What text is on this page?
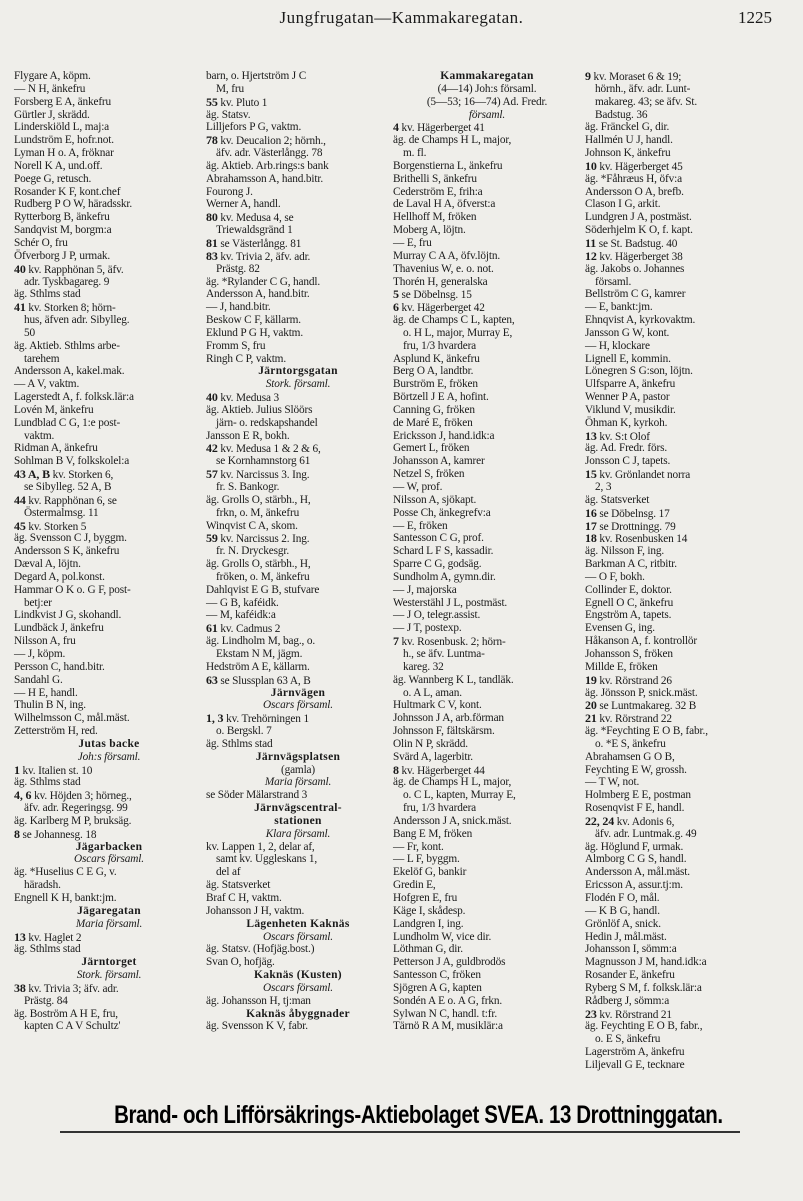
Jungfrugatan—Kammakaregatan.	1225
Flygare A, köpm.
— N H, änkefru
Forsberg E A, änkefru
Gürtler J, skrädd.
Linderskiöld L, maj:a
Lundström E, hofr.not.
Lyman H o. A, fröknar
Norell K A, und.off.
Poege G, retusch.
Rosander K F, kont.chef
Rudberg P O W, häradsskr.
Rytterborg B, änkefru
Sandqvist M, borgm:a
Schér O, fru
Öfverborg J P, urmak.
40 kv. Rapphönan 5, äfv.
adr. Tyskbagareg. 9
äg. Sthlms stad
41 kv. Storken 8; hörn-
hus, äfven adr. Sibylleg.
50
äg. Aktieb. Sthlms arbe-
tarehem
Andersson A, kakel.mak.
— A V, vaktm.
Lagerstedt A, f. folksk.lär:a
Lovén M, änkefru
Lundblad C G, 1:e post-
vaktm.
Ridman A, änkefru
Sohlman B V, folkskolel:a
43 A, B kv. Storken 6,
se Sibylleg. 52 A, B
44 kv. Rapphönan 6, se
Östermalmsg. 11
45 kv. Storken 5
äg. Svensson C J, byggm.
Andersson S K, änkefru
Dæval A, löjtn.
Degard A, pol.konst.
Hammar O K o. G F, post-
betj:er
Lindkvist J G, skohandl.
Lundbäck J, änkefru
Nilsson A, fru
— J, köpm.
Persson C, hand.bitr.
Sandahl G.
— H E, handl.
Thulin B N, ing.
Wilhelmsson C, mål.mäst.
Zetterström H, red.
Jutas backe
Joh:s församl.
1 kv. Italien st. 10
äg. Sthlms stad
4, 6 kv. Höjden 3; hörneg.,
äfv. adr. Regeringsg. 99
äg. Karlberg M P, bruksäg.
8 se Johannesg. 18
Jägarbacken
Oscars församl.
äg. *Huselius C E G, v.
häradsh.
Engnell K H, bankt:jm.
Jägaregatan
Maria församl.
13 kv. Haglet 2
äg. Sthlms stad
Järntorget
Stork. församl.
38 kv. Trivia 3; äfv. adr.
Prästg. 84
äg. Boström A H E, fru,
kapten C A V Schultz'
barn, o. Hjertström J C
M, fru
55 kv. Pluto 1
äg. Statsv.
Lilljefors P G, vaktm.
78 kv. Deucalion 2; hörnh.,
äfv. adr. Västerlångg. 78
äg. Aktieb. Arb.rings:s bank
Abrahamsson A, hand.bitr.
Fourong J.
Werner A, handl.
80 kv. Medusa 4, se
Triewaldsgränd 1
81 se Västerlångg. 81
83 kv. Trivia 2, äfv. adr.
Prästg. 82
äg. *Rylander C G, handl.
Andersson A, hand.bitr.
— J, hand.bitr.
Beskow C F, källarm.
Eklund P G H, vaktm.
Fromm S, fru
Ringh C P, vaktm.
Järntorgsgatan
Stork. församl.
40 kv. Medusa 3
äg. Aktieb. Julius Slöörs
järn- o. redskapshandel
Jansson E R, bokh.
42 kv. Medusa 1 & 2 & 6,
se Kornhamnstorg 61
57 kv. Narcissus 3. Ing.
fr. S. Bankogr.
äg. Grolls O, stärbh., H,
frkn, o. M, änkefru
Winqvist C A, skom.
59 kv. Narcissus 2. Ing.
fr. N. Dryckesgr.
äg. Grolls O, stärbh., H,
fröken, o. M, änkefru
Dahlqvist E G B, stufvare
— G B, kaféidk.
— M, kaféidk:a
61 kv. Cadmus 2
äg. Lindholm M, bag., o.
Ekstam N M, jägm.
Hedström A E, källarm.
63 se Slussplan 63 A, B
Järnvägen
Oscars församl.
1, 3 kv. Trehörningen 1
o. Bergskl. 7
äg. Sthlms stad
Järnvägsplatsen
(gamla)
Maria församl.
se Söder Mälarstrand 3
Järnvägscentral-
stationen
Klara församl.
kv. Lappen 1, 2, delar af,
samt kv. Uggleskans 1,
del af
äg. Statsverket
Braf C H, vaktm.
Johansson J H, vaktm.
Lägenheten Kaknäs
Oscars församl.
äg. Statsv. (Hofjäg.bost.)
Svan O, hofjäg.
Kaknäs (Kusten)
Oscars församl.
äg. Johansson H, tj:man
Kaknäs åbyggnader
äg. Svensson K V, fabr.
Kammakaregatan
(4—14) Joh:s församl.
(5—53; 16—74) Ad. Fredr.
församl.
4 kv. Hägerberget 41
äg. de Champs H L, major,
m. fl.
Borgenstierna L, änkefru
Brithelli S, änkefru
Cederström E, frih:a
de Laval H A, öfverst:a
Hellhoff M, fröken
Moberg A, löjtn.
— E, fru
Murray C A A, öfv.löjtn.
Thavenius W, e. o. not.
Thorén H, generalska
5 se Döbelnsg. 15
6 kv. Hägerberget 42
äg. de Champs C L, kapten,
o. H L, major, Murray E,
fru, 1/3 hvardera
Asplund K, änkefru
Berg O A, landtbr.
Burström E, fröken
Börtzell J E A, hofint.
Canning G, fröken
de Maré E, fröken
Ericksson J, hand.idk:a
Gemert L, fröken
Johansson A, kamrer
Netzel S, fröken
— W, prof.
Nilsson A, sjökapt.
Posse Ch, änkegrefv:a
— E, fröken
Santesson C G, prof.
Schard L F S, kassadir.
Sparre C G, godsäg.
Sundholm A, gymn.dir.
— J, majorska
Westerstähl J L, postmäst.
— J O, telegr.assist.
— J T, postexp.
7 kv. Rosenbusk. 2; hörn-
h., se äfv. Luntma-
kareg. 32
äg. Wannberg K L, tandläk.
o. A L, aman.
Hultmark C V, kont.
Johnsson J A, arb.förman
Johnsson F, fältskärsm.
Olin N P, skrädd.
Svärd A, lagerbitr.
8 kv. Hägerberget 44
äg. de Champs H L, major,
o. C L, kapten, Murray E,
fru, 1/3 hvardera
Andersson J A, snick.mäst.
Bang E M, fröken
— Fr, kont.
— L F, byggm.
Ekelöf G, bankir
Gredin E,
Hofgren E, fru
Käge I, skådesp.
Landgren I, ing.
Lundholm W, vice dir.
Löthman G, dir.
Petterson J A, guldbrodös
Santesson C, fröken
Sjögren A G, kapten
Sondén A E o. A G, frkn.
Sylwan N C, handl. t:fr.
Tärnö R A M, musiklär:a
9 kv. Moraset 6 & 19;
hörnh., äfv. adr. Lunt-
makareg. 43; se äfv. St.
Badstug. 36
äg. Fränckel G, dir.
Hallmén U J, handl.
Johnson K, änkefru
10 kv. Hägerberget 45
äg. *Fåhræus H, öfv:a
Andersson O A, brefb.
Clason I G, arkit.
Lundgren J A, postmäst.
Söderhjelm K O, f. kapt.
11 se St. Badstug. 40
12 kv. Hägerberget 38
äg. Jakobs o. Johannes
församl.
Bellström C G, kamrer
— E, bankt:jm.
Ehnqvist A, kyrkovaktm.
Jansson G W, kont.
— H, klockare
Lignell E, kommin.
Lönegren S G:son, löjtn.
Ulfsparre A, änkefru
Wenner P A, pastor
Viklund V, musikdir.
Öhman K, kyrkoh.
13 kv. S:t Olof
äg. Ad. Fredr. förs.
Jonsson C J, tapets.
15 kv. Grönlandet norra
2, 3
äg. Statsverket
16 se Döbelnsg. 17
17 se Drottningg. 79
18 kv. Rosenbusken 14
äg. Nilsson F, ing.
Barkman A C, ritbitr.
— O F, bokh.
Collinder E, doktor.
Egnell O C, änkefru
Engström A, tapets.
Evensen G, ing.
Håkanson A, f. kontrollör
Johansson S, fröken
Millde E, fröken
19 kv. Rörstrand 26
äg. Jönsson P, snick.mäst.
20 se Luntmakareg. 32 B
21 kv. Rörstrand 22
äg. *Feychting E O B, fabr.,
o. *E S, änkefru
Abrahamsen G O B,
Feychting E W, grossh.
— T W, not.
Holmberg E E, postman
Rosenqvist F E, handl.
22, 24 kv. Adonis 6,
äfv. adr. Luntmak.g. 49
äg. Höglund F, urmak.
Almborg C G S, handl.
Andersson A, mål.mäst.
Ericsson A, assur.tj:m.
Flodén F O, mål.
— K B G, handl.
Grönlöf A, snick.
Hedin J, mål.mäst.
Johansson I, sömm:a
Magnusson J M, hand.idk:a
Rosander E, änkefru
Ryberg S M, f. folksk.lär:a
Rådberg J, sömm:a
23 kv. Rörstrand 21
äg. Feychting E O B, fabr.,
o. E S, änkefru
Lagerström A, änkefru
Liljevall G E, tecknare
Brand- och Lifförsäkrings-Aktiebolaget SVEA. 13 Drottninggatan.
